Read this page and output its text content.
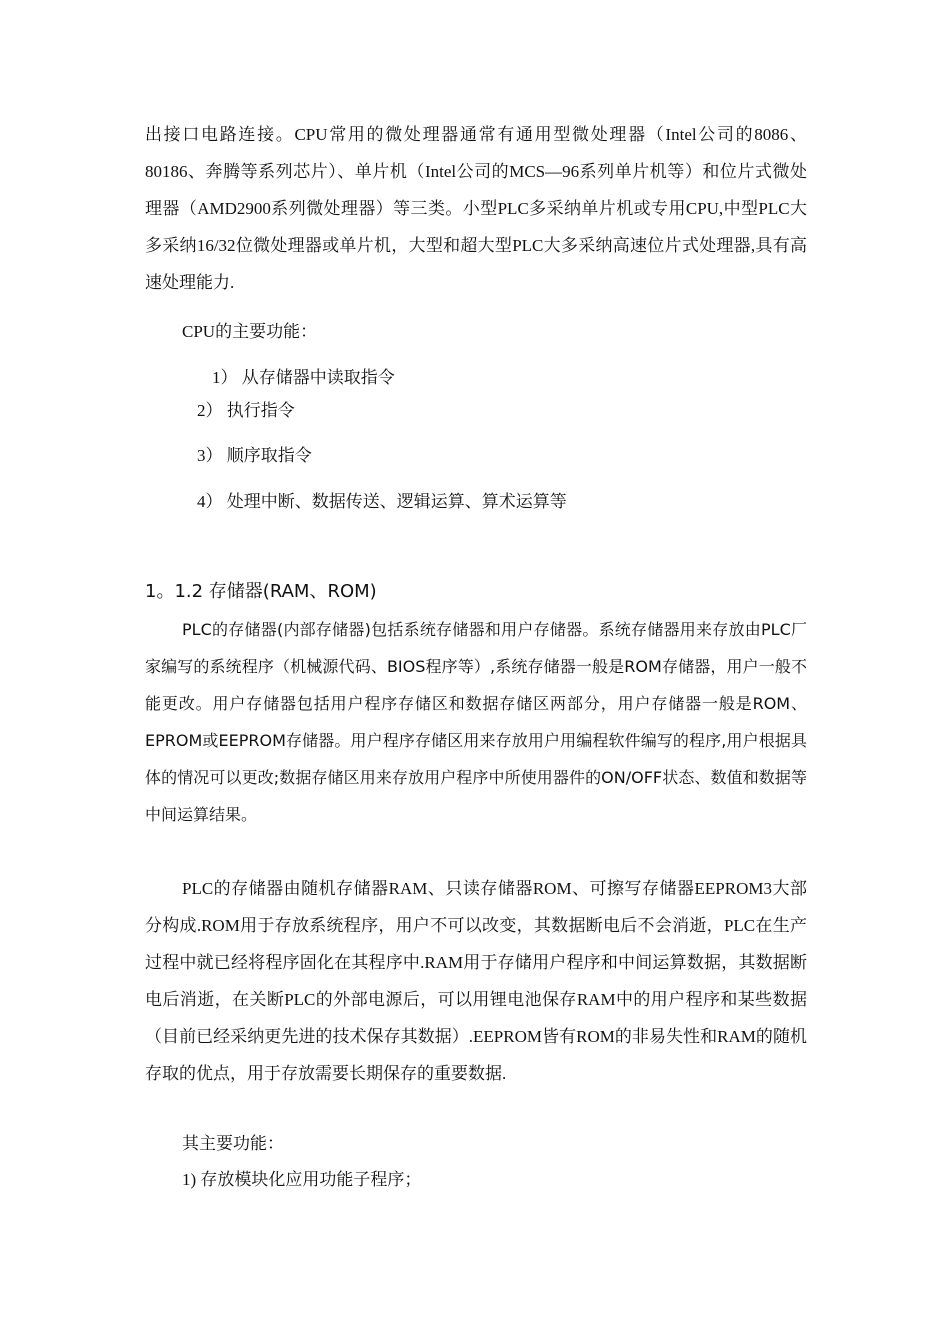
出接口电路连接。CPU常用的微处理器通常有通用型微处理器（Intel公司的8086、80186、奔腾等系列芯片）、单片机（Intel公司的MCS—96系列单片机等）和位片式微处理器（AMD2900系列微处理器）等三类。小型PLC多采纳单片机或专用CPU,中型PLC大多采纳16/32位微处理器或单片机，大型和超大型PLC大多采纳高速位片式处理器,具有高速处理能力.

CPU的主要功能：

1） 从存储器中读取指令

2） 执行指令

3） 顺序取指令

4） 处理中断、数据传送、逻辑运算、算术运算等

1。1.2 存储器(RAM、ROM)

PLC的存储器(内部存储器)包括系统存储器和用户存储器。系统存储器用来存放由PLC厂家编写的系统程序（机械源代码、BIOS程序等）,系统存储器一般是ROM存储器，用户一般不能更改。用户存储器包括用户程序存储区和数据存储区两部分，用户存储器一般是ROM、EPROM或EEPROM存储器。用户程序存储区用来存放用户用编程软件编写的程序,用户根据具体的情况可以更改;数据存储区用来存放用户程序中所使用器件的ON/OFF状态、数值和数据等中间运算结果。

PLC的存储器由随机存储器RAM、只读存储器ROM、可擦写存储器EEPROM3大部分构成.ROM用于存放系统程序，用户不可以改变，其数据断电后不会消逝，PLC在生产过程中就已经将程序固化在其程序中.RAM用于存储用户程序和中间运算数据，其数据断电后消逝，在关断PLC的外部电源后，可以用锂电池保存RAM中的用户程序和某些数据（目前已经采纳更先进的技术保存其数据）.EEPROM皆有ROM的非易失性和RAM的随机存取的优点，用于存放需要长期保存的重要数据.

其主要功能：

1) 存放模块化应用功能子程序；
